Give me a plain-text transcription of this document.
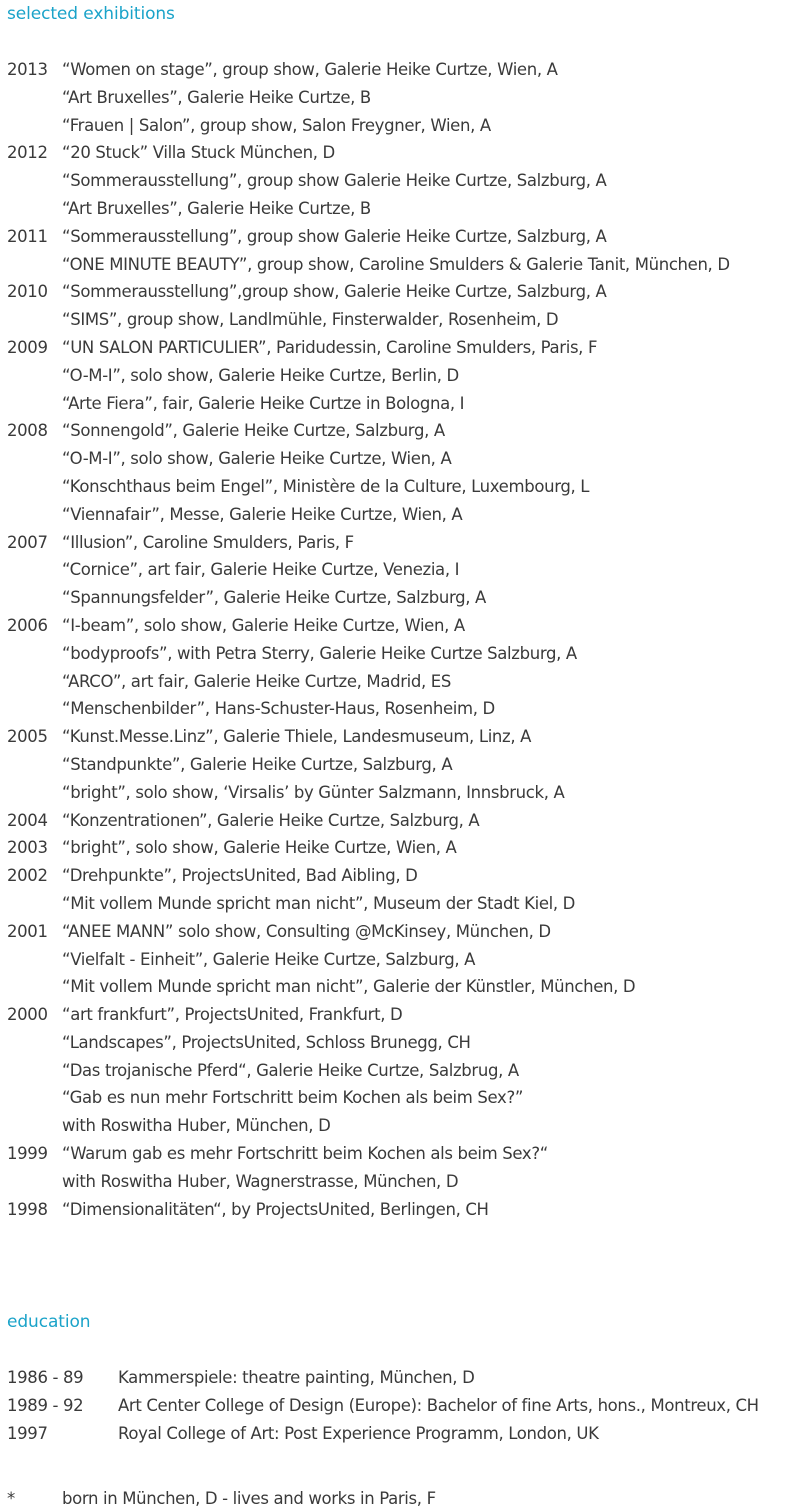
selected exhibitions
2013 “Women on stage”, group show, Galerie Heike Curtze, Wien, A
“Art Bruxelles”, Galerie Heike Curtze, B
“Frauen | Salon”, group show, Salon Freygner, Wien, A
2012 “20 Stuck” Villa Stuck München, D
“Sommerausstellung”, group show Galerie Heike Curtze, Salzburg, A
“Art Bruxelles”, Galerie Heike Curtze, B
2011 “Sommerausstellung”, group show Galerie Heike Curtze, Salzburg, A
“ONE MINUTE BEAUTY”, group show, Caroline Smulders & Galerie Tanit, München, D
2010 “Sommerausstellung”,group show, Galerie Heike Curtze, Salzburg, A
“SIMS”, group show, Landlmühle, Finsterwalder, Rosenheim, D
2009 “UN SALON PARTICULIER”, Paridudessin, Caroline Smulders, Paris, F
“O-M-I”, solo show, Galerie Heike Curtze, Berlin, D
“Arte Fiera”, fair, Galerie Heike Curtze in Bologna, I
2008 “Sonnengold”, Galerie Heike Curtze, Salzburg, A
“O-M-I”, solo show, Galerie Heike Curtze, Wien, A
“Konschthaus beim Engel”, Ministère de la Culture, Luxembourg, L
“Viennafair”, Messe, Galerie Heike Curtze, Wien, A
2007 “Illusion”, Caroline Smulders, Paris, F
“Cornice”, art fair, Galerie Heike Curtze, Venezia, I
“Spannungsfelder”, Galerie Heike Curtze, Salzburg, A
2006 “I-beam”, solo show, Galerie Heike Curtze, Wien, A
“bodyproofs”, with Petra Sterry, Galerie Heike Curtze Salzburg, A
“ARCO”, art fair, Galerie Heike Curtze, Madrid, ES
“Menschenbilder”, Hans-Schuster-Haus, Rosenheim, D
2005 “Kunst.Messe.Linz”, Galerie Thiele, Landesmuseum, Linz, A
“Standpunkte”, Galerie Heike Curtze, Salzburg, A
“bright”, solo show, ‘Virsalis’ by Günter Salzmann, Innsbruck, A
2004 “Konzentrationen”, Galerie Heike Curtze, Salzburg, A
2003 “bright”, solo show, Galerie Heike Curtze, Wien, A
2002 “Drehpunkte”, ProjectsUnited, Bad Aibling, D
“Mit vollem Munde spricht man nicht”, Museum der Stadt Kiel, D
2001 “ANEE MANN” solo show, Consulting @McKinsey, München, D
“Vielfalt - Einheit”, Galerie Heike Curtze, Salzburg, A
“Mit vollem Munde spricht man nicht”, Galerie der Künstler, München, D
2000 “art frankfurt”, ProjectsUnited, Frankfurt, D
“Landscapes”, ProjectsUnited, Schloss Brunegg, CH
“Das trojanische Pferd“, Galerie Heike Curtze, Salzbrug, A
“Gab es nun mehr Fortschritt beim Kochen als beim Sex?”
with Roswitha Huber, München, D
1999 “Warum gab es mehr Fortschritt beim Kochen als beim Sex?“
with Roswitha Huber, Wagnerstrasse, München, D
1998 “Dimensionalitäten“, by ProjectsUnited, Berlingen, CH
education
1986 - 89 Kammerspiele: theatre painting, München, D
1989 - 92 Art Center College of Design (Europe): Bachelor of fine Arts, hons., Montreux, CH
1997	Royal College of Art: Post Experience Programm, London, UK
*	born in München, D - lives and works in Paris, F
